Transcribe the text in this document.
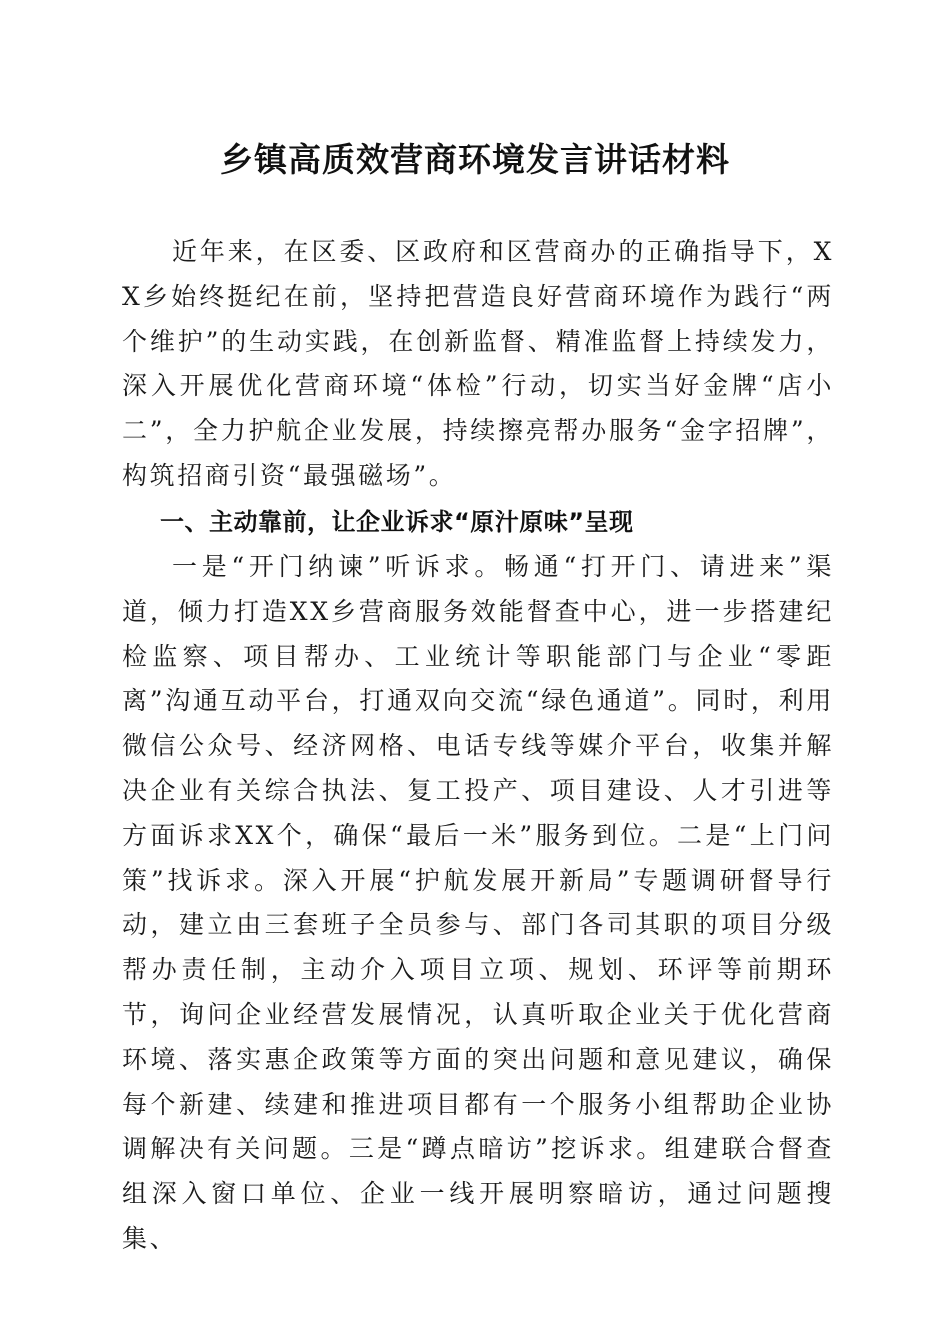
乡镇高质效营商环境发言讲话材料

近年来，在区委、区政府和区营商办的正确指导下，XX乡始终挺纪在前，坚持把营造良好营商环境作为践行“两个维护”的生动实践，在创新监督、精准监督上持续发力，深入开展优化营商环境“体检”行动，切实当好金牌“店小二”，全力护航企业发展，持续擦亮帮办服务“金字招牌”，构筑招商引资“最强磁场”。

一、主动靠前，让企业诉求“原汁原味”呈现

一是“开门纳谏”听诉求。畅通“打开门、请进来”渠道，倾力打造XX乡营商服务效能督查中心，进一步搭建纪检监察、项目帮办、工业统计等职能部门与企业“零距离”沟通互动平台，打通双向交流“绿色通道”。同时，利用微信公众号、经济网格、电话专线等媒介平台，收集并解决企业有关综合执法、复工投产、项目建设、人才引进等方面诉求XX个，确保“最后一米”服务到位。二是“上门问策”找诉求。深入开展“护航发展开新局”专题调研督导行动，建立由三套班子全员参与、部门各司其职的项目分级帮办责任制，主动介入项目立项、规划、环评等前期环节，询问企业经营发展情况，认真听取企业关于优化营商环境、落实惠企政策等方面的突出问题和意见建议，确保每个新建、续建和推进项目都有一个服务小组帮助企业协调解决有关问题。三是“蹲点暗访”挖诉求。组建联合督查组深入窗口单位、企业一线开展明察暗访，通过问题搜集、
